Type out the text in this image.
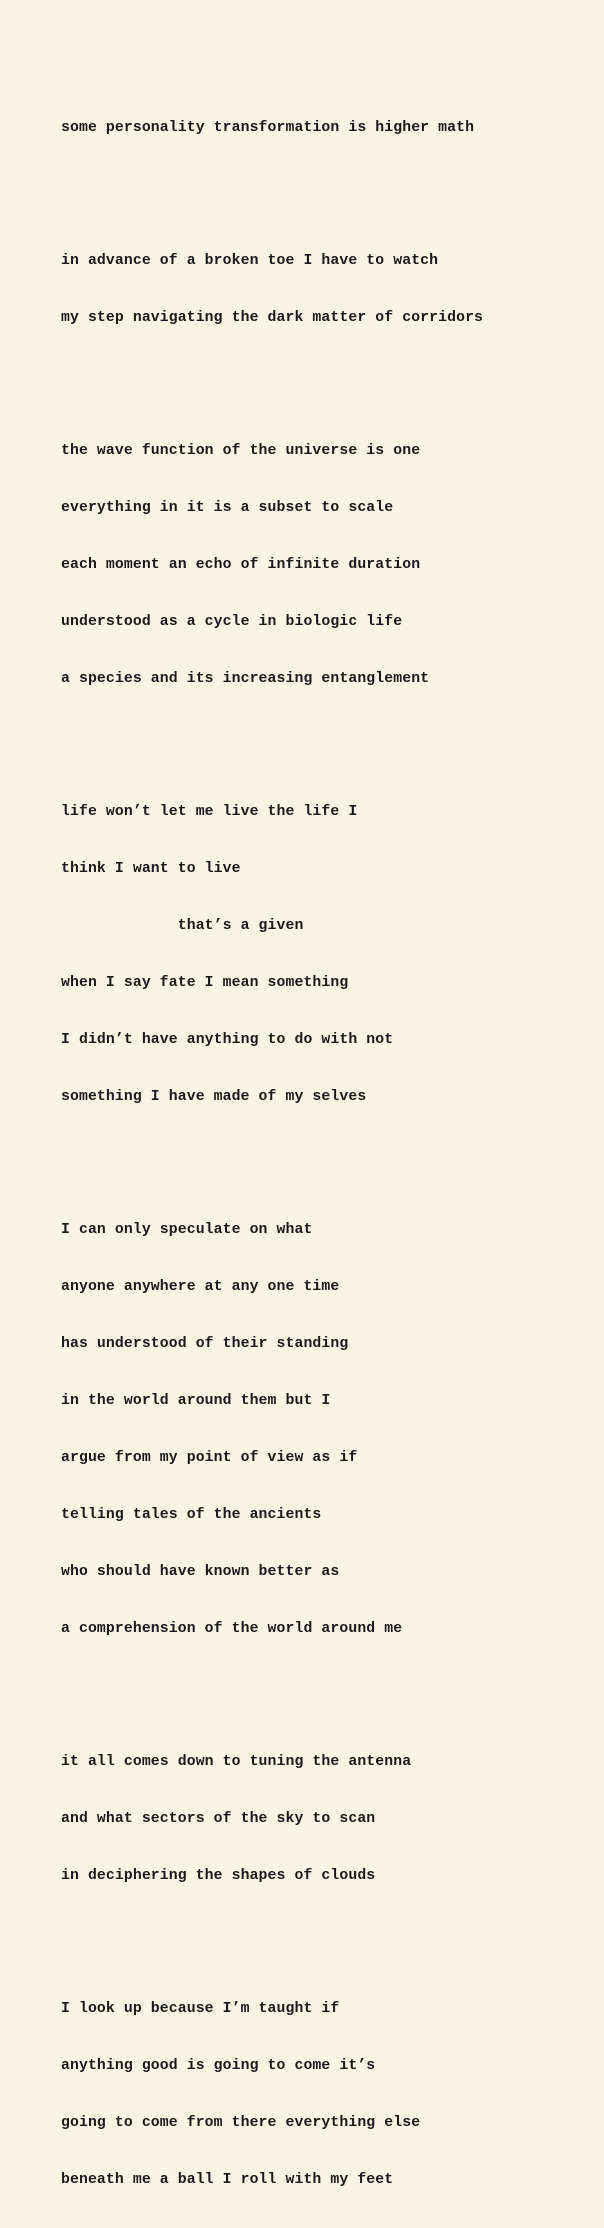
some personality transformation is higher math

in advance of a broken toe I have to watch

my step navigating the dark matter of corridors

the wave function of the universe is one

everything in it is a subset to scale

each moment an echo of infinite duration

understood as a cycle in biologic life

a species and its increasing entanglement

life won’t let me live the life I

think I want to live

that’s a given

when I say fate I mean something

I didn’t have anything to do with not

something I have made of my selves

I can only speculate on what

anyone anywhere at any one time

has understood of their standing

in the world around them but I

argue from my point of view as if

telling tales of the ancients

who should have known better as

a comprehension of the world around me

it all comes down to tuning the antenna

and what sectors of the sky to scan

in deciphering the shapes of clouds

I look up because I’m taught if

anything good is going to come it’s

going to come from there everything else

beneath me a ball I roll with my feet
